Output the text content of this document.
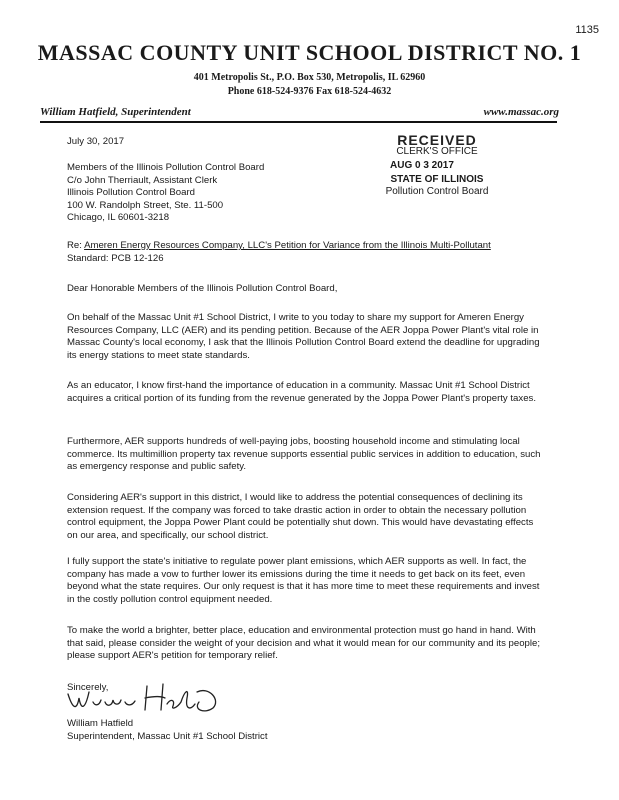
1135
MASSAC COUNTY UNIT SCHOOL DISTRICT NO. 1
401 Metropolis St., P.O. Box 530, Metropolis, IL 62960
Phone 618-524-9376 Fax 618-524-4632
William Hatfield, Superintendent	www.massac.org
July 30, 2017
Members of the Illinois Pollution Control Board
C/o John Therriault, Assistant Clerk
Illinois Pollution Control Board
100 W. Randolph Street, Ste. 11-500
Chicago, IL 60601-3218
RECEIVED
CLERK'S OFFICE
AUG 0 3 2017
STATE OF ILLINOIS
Pollution Control Board
Re: Ameren Energy Resources Company, LLC's Petition for Variance from the Illinois Multi-Pollutant
Standard: PCB 12-126
Dear Honorable Members of the Illinois Pollution Control Board,
On behalf of the Massac Unit #1 School District, I write to you today to share my support for Ameren Energy Resources Company, LLC (AER) and its pending petition. Because of the AER Joppa Power Plant's vital role in Massac County's local economy, I ask that the Illinois Pollution Control Board extend the deadline for upgrading its energy stations to meet state standards.
As an educator, I know first-hand the importance of education in a community. Massac Unit #1 School District acquires a critical portion of its funding from the revenue generated by the Joppa Power Plant's property taxes.
Furthermore, AER supports hundreds of well-paying jobs, boosting household income and stimulating local commerce. Its multimillion property tax revenue supports essential public services in addition to education, such as emergency response and public safety.
Considering AER's support in this district, I would like to address the potential consequences of declining its extension request. If the company was forced to take drastic action in order to obtain the necessary pollution control equipment, the Joppa Power Plant could be potentially shut down. This would have devastating effects on our area, and specifically, our school district.
I fully support the state's initiative to regulate power plant emissions, which AER supports as well. In fact, the company has made a vow to further lower its emissions during the time it needs to get back on its feet, even beyond what the state requires. Our only request is that it has more time to meet these requirements and invest in the costly pollution control equipment needed.
To make the world a brighter, better place, education and environmental protection must go hand in hand. With that said, please consider the weight of your decision and what it would mean for our community and its people; please support AER's petition for temporary relief.
Sincerely,
William Hatfield
Superintendent, Massac Unit #1 School District
